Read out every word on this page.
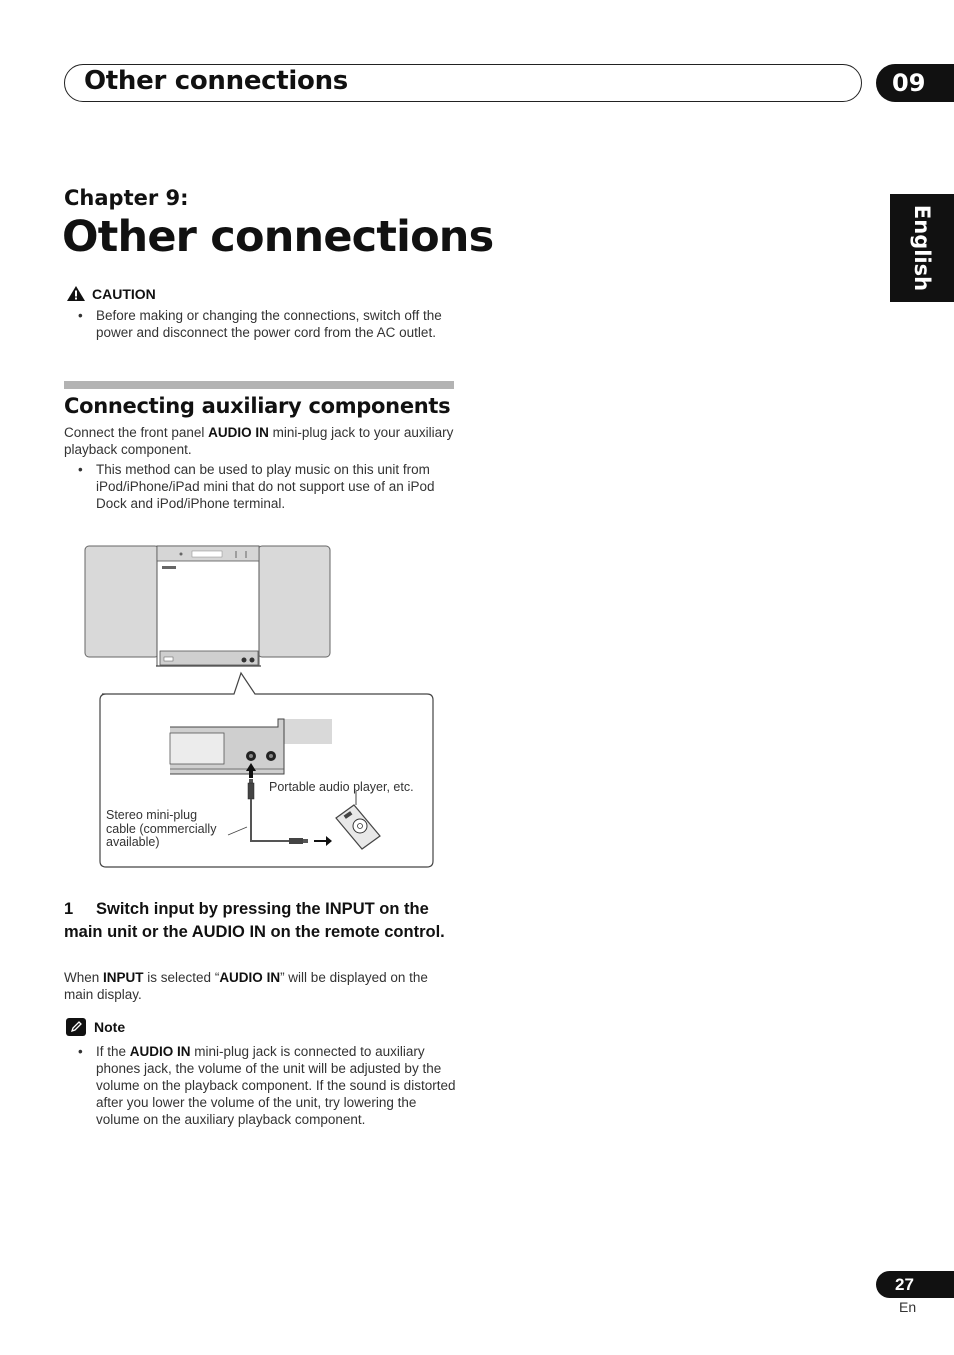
Other connections	09
English
Chapter 9:
Other connections
CAUTION
• Before making or changing the connections, switch off the power and disconnect the power cord from the AC outlet.
Connecting auxiliary components
Connect the front panel AUDIO IN mini-plug jack to your auxiliary playback component.
• This method can be used to play music on this unit from iPod/iPhone/iPad mini that do not support use of an iPod Dock and iPod/iPhone terminal.
Portable audio player, etc.
Stereo mini-plug
cable (commercially
available)
1 Switch input by pressing the INPUT on the main unit or the AUDIO IN on the remote control.
When INPUT is selected “AUDIO IN” will be displayed on the main display.
Note
• If the AUDIO IN mini-plug jack is connected to auxiliary phones jack, the volume of the unit will be adjusted by the volume on the playback component. If the sound is distorted after you lower the volume of the unit, try lowering the volume on the auxiliary playback component.
27
En
